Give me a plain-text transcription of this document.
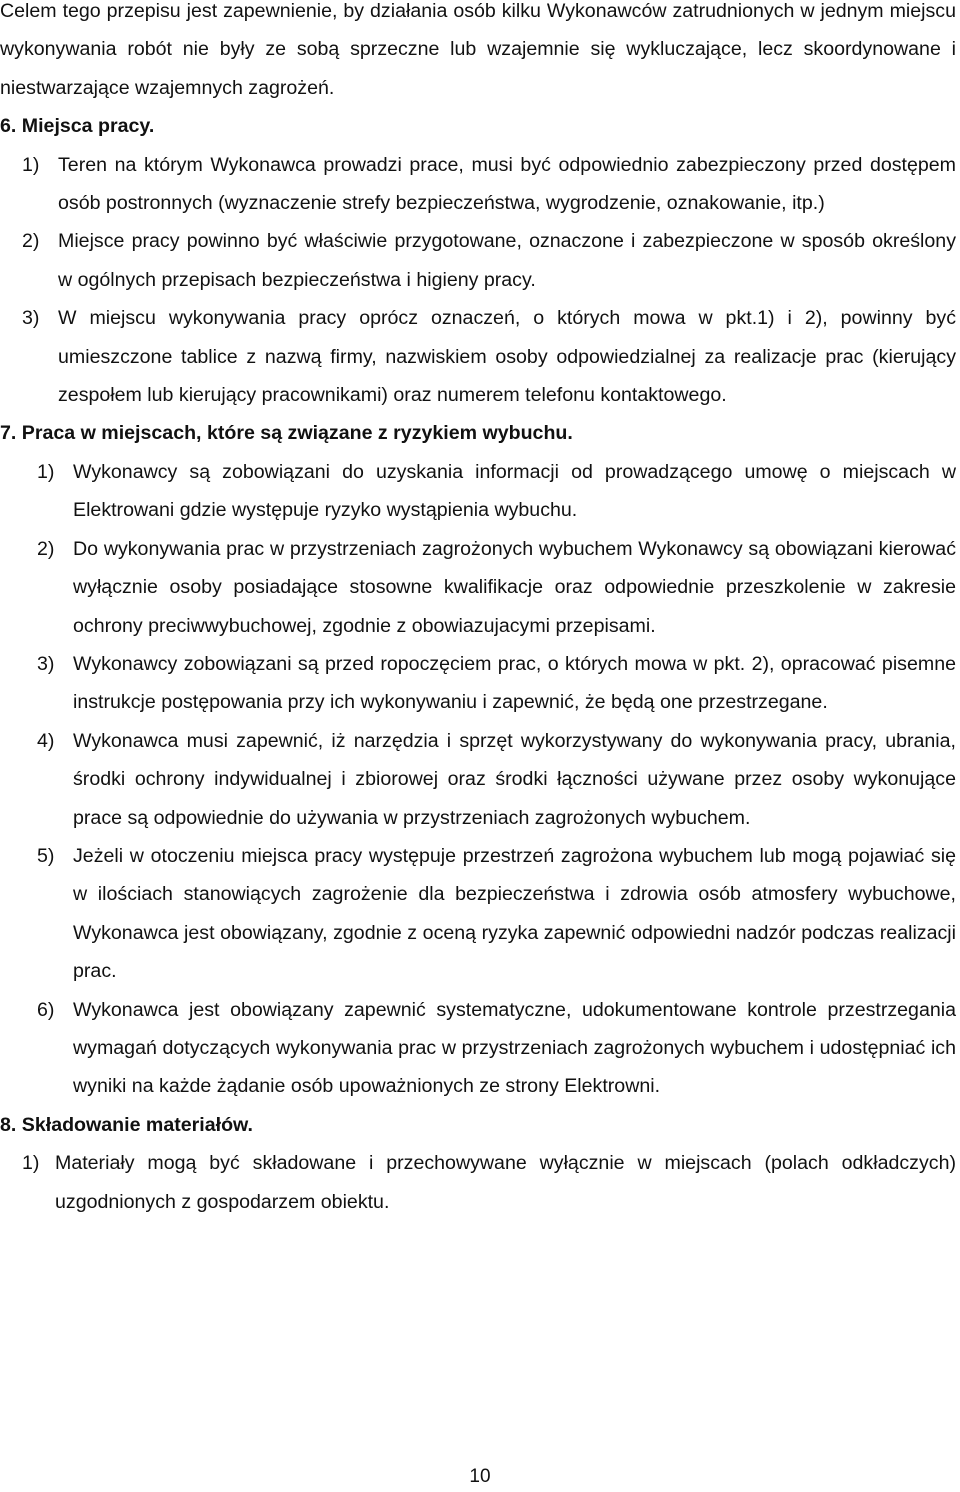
Celem tego przepisu jest zapewnienie, by działania osób kilku Wykonawców zatrudnionych w jednym miejscu wykonywania robót nie były ze sobą sprzeczne lub wzajemnie się wykluczające, lecz skoordynowane i niestwarzające wzajemnych zagrożeń.

6. Miejsca pracy.

1) Teren na którym Wykonawca prowadzi prace, musi być odpowiednio zabezpieczony przed dostępem osób postronnych (wyznaczenie strefy bezpieczeństwa, wygrodzenie, oznakowanie, itp.)
2) Miejsce pracy powinno być właściwie przygotowane, oznaczone i zabezpieczone w sposób określony w ogólnych przepisach bezpieczeństwa i higieny pracy.
3) W miejscu wykonywania pracy oprócz oznaczeń, o których mowa w pkt.1) i 2), powinny być umieszczone tablice z nazwą firmy, nazwiskiem osoby odpowiedzialnej za realizacje prac (kierujący zespołem lub kierujący pracownikami) oraz numerem telefonu kontaktowego.

7. Praca w miejscach, które są związane z ryzykiem wybuchu.

1) Wykonawcy są zobowiązani do uzyskania informacji od prowadzącego umowę o miejscach w Elektrowani gdzie występuje ryzyko wystąpienia wybuchu.
2) Do wykonywania prac w przystrzeniach zagrożonych wybuchem Wykonawcy są obowiązani kierować wyłącznie osoby posiadające stosowne kwalifikacje oraz odpowiednie przeszkolenie w zakresie ochrony preciwwybuchowej, zgodnie z obowiazujacymi przepisami.
3) Wykonawcy zobowiązani są przed ropoczęciem prac, o których mowa w pkt. 2), opracować pisemne instrukcje postępowania przy ich wykonywaniu i zapewnić, że będą one przestrzegane.
4) Wykonawca musi zapewnić, iż narzędzia i sprzęt wykorzystywany do wykonywania pracy, ubrania, środki ochrony indywidualnej i zbiorowej oraz środki łączności używane przez osoby wykonujące prace są odpowiednie do używania w przystrzeniach zagrożonych wybuchem.
5) Jeżeli w otoczeniu miejsca pracy występuje przestrzeń zagrożona wybuchem lub mogą pojawiać się w ilościach stanowiących zagrożenie dla bezpieczeństwa i zdrowia osób atmosfery wybuchowe, Wykonawca jest obowiązany, zgodnie z oceną ryzyka zapewnić odpowiedni nadzór podczas realizacji prac.
6) Wykonawca jest obowiązany zapewnić systematyczne, udokumentowane kontrole przestrzegania wymagań dotyczących wykonywania prac w przystrzeniach zagrożonych wybuchem i udostępniać ich wyniki na każde żądanie osób upoważnionych ze strony Elektrowni.

8. Składowanie materiałów.

1) Materiały mogą być składowane i przechowywane wyłącznie w miejscach (polach odkładczych) uzgodnionych z gospodarzem obiektu.
10
